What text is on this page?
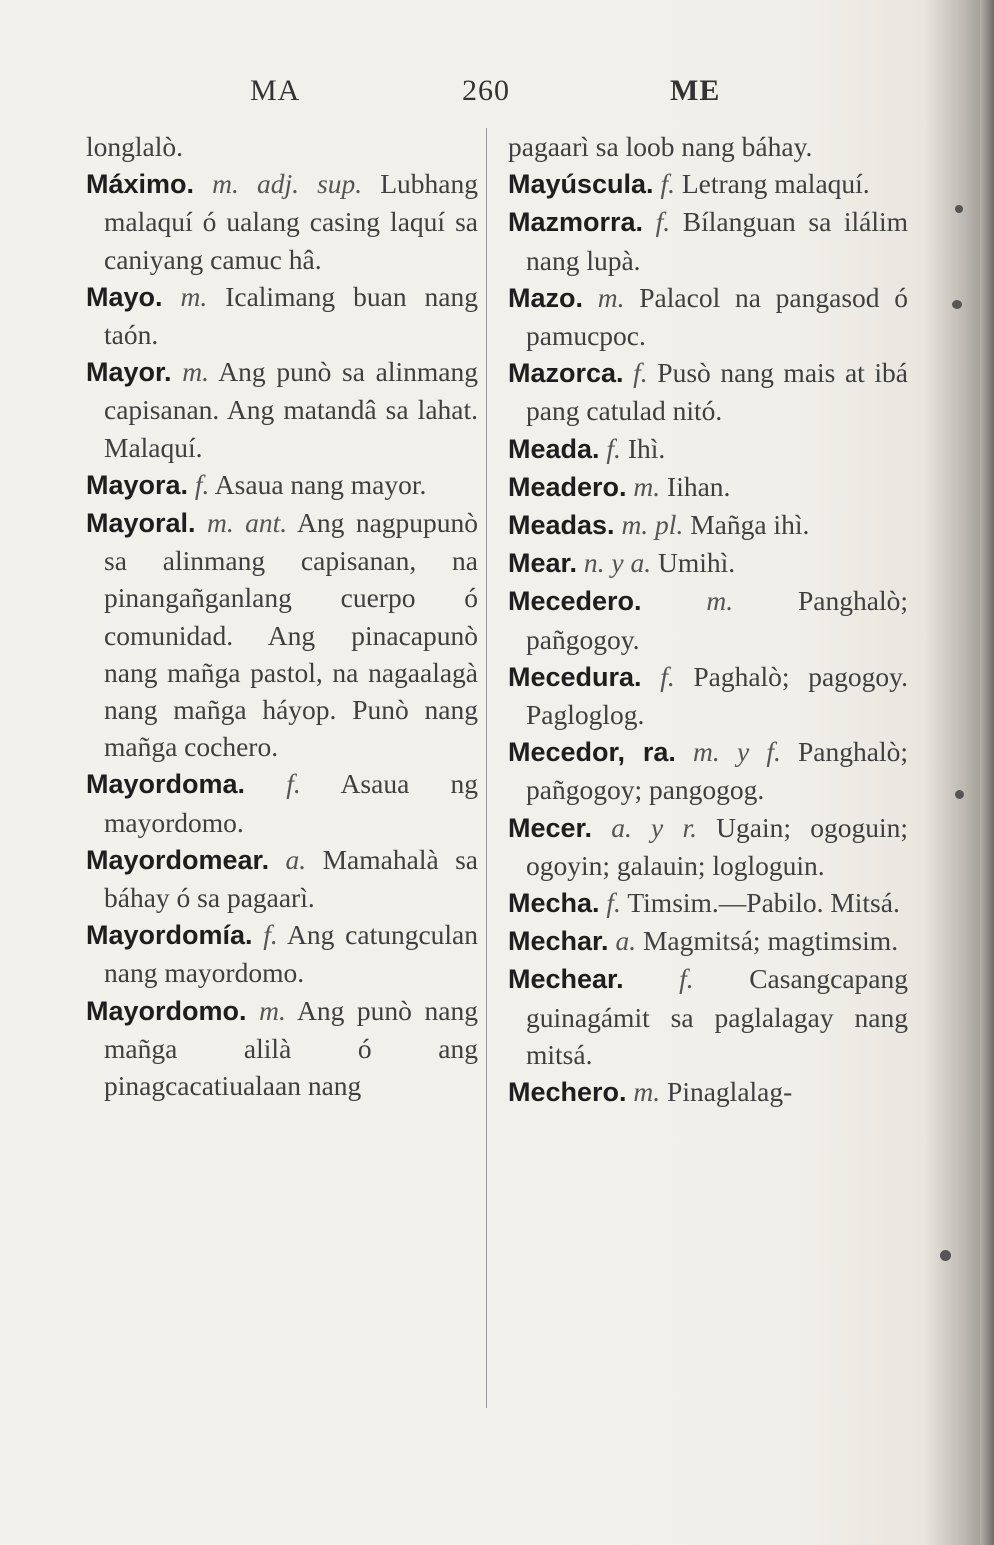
MA	260	ME

longlalò.

Máximo. m. adj. sup. Lubhang malaquí ó ualang casing laquí sa caniyang camuc hâ.

Mayo. m. Icalimang buan nang taón.

Mayor. m. Ang punò sa alinmang capisanan. Ang matandâ sa lahat. Malaquí.

Mayora. f. Asaua nang mayor.

Mayoral. m. ant. Ang nagpupunò sa alinmang capisanan, na pinangañganlang cuerpo ó comunidad. Ang pinacapunò nang mañga pastol, na nagaalagà nang mañga háyop. Punò nang mañga cochero.

Mayordoma. f. Asaua ng mayordomo.

Mayordomear. a. Mamahalà sa báhay ó sa pagaarì.

Mayordomía. f. Ang catungculan nang mayordomo.

Mayordomo. m. Ang punò nang mañga alilà ó ang pinagcacatiualaan nang

pagaarì sa loob nang báhay.

Mayúscula. f. Letrang malaquí.

Mazmorra. f. Bílanguan sa ilálim nang lupà.

Mazo. m. Palacol na pangasod ó pamucpoc.

Mazorca. f. Pusò nang mais at ibá pang catulad nitó.

Meada. f. Ihì.

Meadero. m. Iihan.

Meadas. m. pl. Mañga ihì.

Mear. n. y a. Umihì.

Mecedero. m. Panghalò; pañgogoy.

Mecedura. f. Paghalò; pagogoy. Pagloglog.

Mecedor, ra. m. y f. Panghalò; pañgogoy; pangogog.

Mecer. a. y r. Ugain; ogoguin; ogoyin; galauin; logloguin.

Mecha. f. Timsim.—Pabilo. Mitsá.

Mechar. a. Magmitsá; magtimsim.

Mechear. f. Casangcapang guinagámit sa paglalagay nang mitsá.

Mechero. m. Pinaglalag-
